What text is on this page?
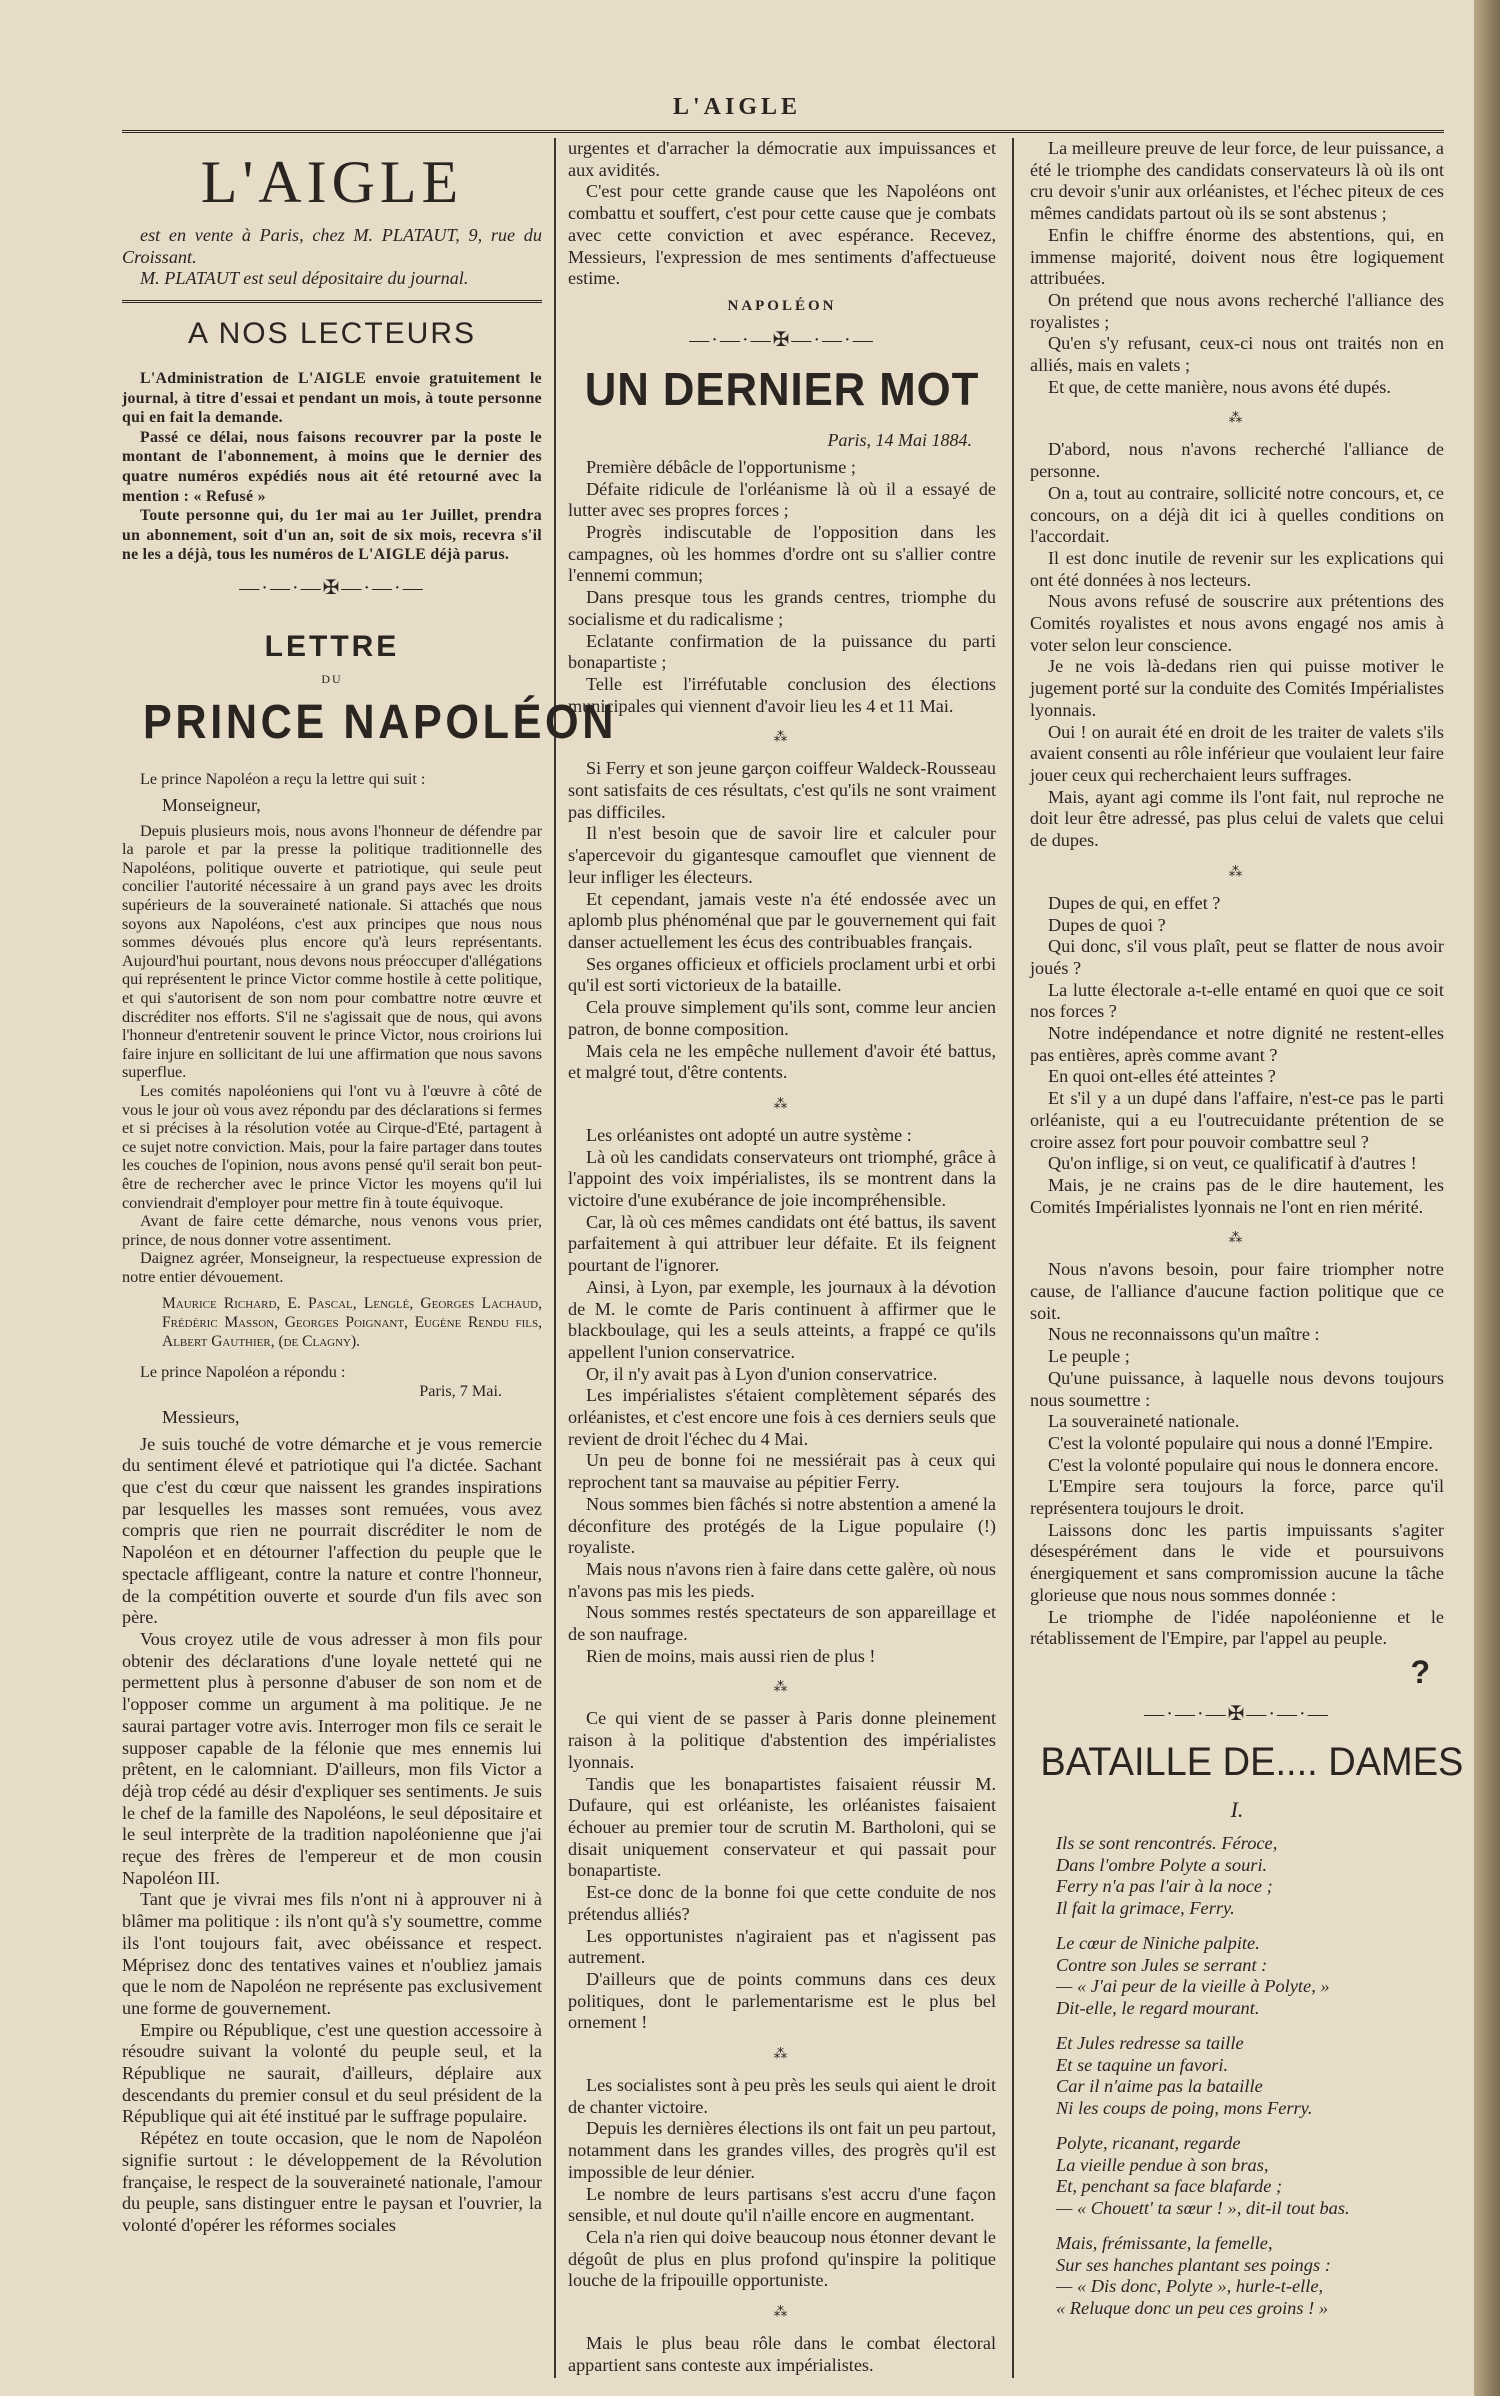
L'AIGLE
L'AIGLE

est en vente à Paris, chez M. PLATAUT, 9, rue du Croissant.

M. PLATAUT est seul dépositaire du journal.

A NOS LECTEURS

L'Administration de L'AIGLE envoie gratuitement le journal, à titre d'essai et pendant un mois, à toute personne qui en fait la demande.

Passé ce délai, nous faisons recouvrer par la poste le montant de l'abonnement, à moins que le dernier des quatre numéros expédiés nous ait été retourné avec la mention : « Refusé »

Toute personne qui, du 1er mai au 1er Juillet, prendra un abonnement, soit d'un an, soit de six mois, recevra s'il ne les a déjà, tous les numéros de L'AIGLE déjà parus.

—·—·—✠—·—·—
LETTRE
DU
PRINCE NAPOLÉON

Le prince Napoléon a reçu la lettre qui suit :

Monseigneur,

Depuis plusieurs mois, nous avons l'honneur de défendre par la parole et par la presse la politique traditionnelle des Napoléons, politique ouverte et patriotique, qui seule peut concilier l'autorité nécessaire à un grand pays avec les droits supérieurs de la souveraineté nationale. Si attachés que nous soyons aux Napoléons, c'est aux principes que nous nous sommes dévoués plus encore qu'à leurs représentants. Aujourd'hui pourtant, nous devons nous préoccuper d'allégations qui représentent le prince Victor comme hostile à cette politique, et qui s'autorisent de son nom pour combattre notre œuvre et discréditer nos efforts. S'il ne s'agissait que de nous, qui avons l'honneur d'entretenir souvent le prince Victor, nous croirions lui faire injure en sollicitant de lui une affirmation que nous savons superflue.

Les comités napoléoniens qui l'ont vu à l'œuvre à côté de vous le jour où vous avez répondu par des déclarations si fermes et si précises à la résolution votée au Cirque-d'Eté, partagent à ce sujet notre conviction. Mais, pour la faire partager dans toutes les couches de l'opinion, nous avons pensé qu'il serait bon peut-être de rechercher avec le prince Victor les moyens qu'il lui conviendrait d'employer pour mettre fin à toute équivoque.

Avant de faire cette démarche, nous venons vous prier, prince, de nous donner votre assentiment.

Daignez agréer, Monseigneur, la respectueuse expression de notre entier dévouement.

Maurice Richard, E. Pascal, Lenglé, Georges Lachaud, Frédéric Masson, Georges Poignant, Eugène Rendu fils, Albert Gauthier, (de Clagny).

Le prince Napoléon a répondu :

Paris, 7 Mai.

Messieurs,

Je suis touché de votre démarche et je vous remercie du sentiment élevé et patriotique qui l'a dictée. Sachant que c'est du cœur que naissent les grandes inspirations par lesquelles les masses sont remuées, vous avez compris que rien ne pourrait discréditer le nom de Napoléon et en détourner l'affection du peuple que le spectacle affligeant, contre la nature et contre l'honneur, de la compétition ouverte et sourde d'un fils avec son père.

Vous croyez utile de vous adresser à mon fils pour obtenir des déclarations d'une loyale netteté qui ne permettent plus à personne d'abuser de son nom et de l'opposer comme un argument à ma politique. Je ne saurai partager votre avis. Interroger mon fils ce serait le supposer capable de la félonie que mes ennemis lui prêtent, en le calomniant. D'ailleurs, mon fils Victor a déjà trop cédé au désir d'expliquer ses sentiments. Je suis le chef de la famille des Napoléons, le seul dépositaire et le seul interprète de la tradition napoléonienne que j'ai reçue des frères de l'empereur et de mon cousin Napoléon III.

Tant que je vivrai mes fils n'ont ni à approuver ni à blâmer ma politique : ils n'ont qu'à s'y soumettre, comme ils l'ont toujours fait, avec obéissance et respect. Méprisez donc des tentatives vaines et n'oubliez jamais que le nom de Napoléon ne représente pas exclusivement une forme de gouvernement.

Empire ou République, c'est une question accessoire à résoudre suivant la volonté du peuple seul, et la République ne saurait, d'ailleurs, déplaire aux descendants du premier consul et du seul président de la République qui ait été institué par le suffrage populaire.

Répétez en toute occasion, que le nom de Napoléon signifie surtout : le développement de la Révolution française, le respect de la souveraineté nationale, l'amour du peuple, sans distinguer entre le paysan et l'ouvrier, la volonté d'opérer les réformes sociales

urgentes et d'arracher la démocratie aux impuissances et aux avidités.

C'est pour cette grande cause que les Napoléons ont combattu et souffert, c'est pour cette cause que je combats avec cette conviction et avec espérance. Recevez, Messieurs, l'expression de mes sentiments d'affectueuse estime.

NAPOLÉON
—·—·—✠—·—·—
UN DERNIER MOT
Paris, 14 Mai 1884.

Première débâcle de l'opportunisme ;

Défaite ridicule de l'orléanisme là où il a essayé de lutter avec ses propres forces ;

Progrès indiscutable de l'opposition dans les campagnes, où les hommes d'ordre ont su s'allier contre l'ennemi commun;

Dans presque tous les grands centres, triomphe du socialisme et du radicalisme ;

Eclatante confirmation de la puissance du parti bonapartiste ;

Telle est l'irréfutable conclusion des élections municipales qui viennent d'avoir lieu les 4 et 11 Mai.

⁂

Si Ferry et son jeune garçon coiffeur Waldeck-Rousseau sont satisfaits de ces résultats, c'est qu'ils ne sont vraiment pas difficiles.

Il n'est besoin que de savoir lire et calculer pour s'apercevoir du gigantesque camouflet que viennent de leur infliger les électeurs.

Et cependant, jamais veste n'a été endossée avec un aplomb plus phénoménal que par le gouvernement qui fait danser actuellement les écus des contribuables français.

Ses organes officieux et officiels proclament urbi et orbi qu'il est sorti victorieux de la bataille.

Cela prouve simplement qu'ils sont, comme leur ancien patron, de bonne composition.

Mais cela ne les empêche nullement d'avoir été battus, et malgré tout, d'être contents.

⁂

Les orléanistes ont adopté un autre système :

Là où les candidats conservateurs ont triomphé, grâce à l'appoint des voix impérialistes, ils se montrent dans la victoire d'une exubérance de joie incompréhensible.

Car, là où ces mêmes candidats ont été battus, ils savent parfaitement à qui attribuer leur défaite. Et ils feignent pourtant de l'ignorer.

Ainsi, à Lyon, par exemple, les journaux à la dévotion de M. le comte de Paris continuent à affirmer que le blackboulage, qui les a seuls atteints, a frappé ce qu'ils appellent l'union conservatrice.

Or, il n'y avait pas à Lyon d'union conservatrice.

Les impérialistes s'étaient complètement séparés des orléanistes, et c'est encore une fois à ces derniers seuls que revient de droit l'échec du 4 Mai.

Un peu de bonne foi ne messiérait pas à ceux qui reprochent tant sa mauvaise au pépitier Ferry.

Nous sommes bien fâchés si notre abstention a amené la déconfiture des protégés de la Ligue populaire (!) royaliste.

Mais nous n'avons rien à faire dans cette galère, où nous n'avons pas mis les pieds.

Nous sommes restés spectateurs de son appareillage et de son naufrage.

Rien de moins, mais aussi rien de plus !

⁂

Ce qui vient de se passer à Paris donne pleinement raison à la politique d'abstention des impérialistes lyonnais.

Tandis que les bonapartistes faisaient réussir M. Dufaure, qui est orléaniste, les orléanistes faisaient échouer au premier tour de scrutin M. Bartholoni, qui se disait uniquement conservateur et qui passait pour bonapartiste.

Est-ce donc de la bonne foi que cette conduite de nos prétendus alliés?

Les opportunistes n'agiraient pas et n'agissent pas autrement.

D'ailleurs que de points communs dans ces deux politiques, dont le parlementarisme est le plus bel ornement !

⁂

Les socialistes sont à peu près les seuls qui aient le droit de chanter victoire.

Depuis les dernières élections ils ont fait un peu partout, notamment dans les grandes villes, des progrès qu'il est impossible de leur dénier.

Le nombre de leurs partisans s'est accru d'une façon sensible, et nul doute qu'il n'aille encore en augmentant.

Cela n'a rien qui doive beaucoup nous étonner devant le dégoût de plus en plus profond qu'inspire la politique louche de la fripouille opportuniste.

⁂

Mais le plus beau rôle dans le combat électoral appartient sans conteste aux impérialistes.

La meilleure preuve de leur force, de leur puissance, a été le triomphe des candidats conservateurs là où ils ont cru devoir s'unir aux orléanistes, et l'échec piteux de ces mêmes candidats partout où ils se sont abstenus ;

Enfin le chiffre énorme des abstentions, qui, en immense majorité, doivent nous être logiquement attribuées.

On prétend que nous avons recherché l'alliance des royalistes ;

Qu'en s'y refusant, ceux-ci nous ont traités non en alliés, mais en valets ;

Et que, de cette manière, nous avons été dupés.

⁂

D'abord, nous n'avons recherché l'alliance de personne.

On a, tout au contraire, sollicité notre concours, et, ce concours, on a déjà dit ici à quelles conditions on l'accordait.

Il est donc inutile de revenir sur les explications qui ont été données à nos lecteurs.

Nous avons refusé de souscrire aux prétentions des Comités royalistes et nous avons engagé nos amis à voter selon leur conscience.

Je ne vois là-dedans rien qui puisse motiver le jugement porté sur la conduite des Comités Impérialistes lyonnais.

Oui ! on aurait été en droit de les traiter de valets s'ils avaient consenti au rôle inférieur que voulaient leur faire jouer ceux qui recherchaient leurs suffrages.

Mais, ayant agi comme ils l'ont fait, nul reproche ne doit leur être adressé, pas plus celui de valets que celui de dupes.

⁂

Dupes de qui, en effet ?

Dupes de quoi ?

Qui donc, s'il vous plaît, peut se flatter de nous avoir joués ?

La lutte électorale a-t-elle entamé en quoi que ce soit nos forces ?

Notre indépendance et notre dignité ne restent-elles pas entières, après comme avant ?

En quoi ont-elles été atteintes ?

Et s'il y a un dupé dans l'affaire, n'est-ce pas le parti orléaniste, qui a eu l'outrecuidante prétention de se croire assez fort pour pouvoir combattre seul ?

Qu'on inflige, si on veut, ce qualificatif à d'autres !

Mais, je ne crains pas de le dire hautement, les Comités Impérialistes lyonnais ne l'ont en rien mérité.

⁂

Nous n'avons besoin, pour faire triompher notre cause, de l'alliance d'aucune faction politique que ce soit.

Nous ne reconnaissons qu'un maître :

Le peuple ;

Qu'une puissance, à laquelle nous devons toujours nous soumettre :

La souveraineté nationale.

C'est la volonté populaire qui nous a donné l'Empire.

C'est la volonté populaire qui nous le donnera encore.

L'Empire sera toujours la force, parce qu'il représentera toujours le droit.

Laissons donc les partis impuissants s'agiter désespérément dans le vide et poursuivons énergiquement et sans compromission aucune la tâche glorieuse que nous nous sommes donnée :

Le triomphe de l'idée napoléonienne et le rétablissement de l'Empire, par l'appel au peuple.

?
—·—·—✠—·—·—
BATAILLE DE.... DAMES
I.
Ils se sont rencontrés. Féroce,
Dans l'ombre Polyte a souri.
Ferry n'a pas l'air à la noce ;
Il fait la grimace, Ferry.
Le cœur de Niniche palpite.
Contre son Jules se serrant :
— « J'ai peur de la vieille à Polyte, »
Dit-elle, le regard mourant.
Et Jules redresse sa taille
Et se taquine un favori.
Car il n'aime pas la bataille
Ni les coups de poing, mons Ferry.
Polyte, ricanant, regarde
La vieille pendue à son bras,
Et, penchant sa face blafarde ;
— « Chouett' ta sœur ! », dit-il tout bas.
Mais, frémissante, la femelle,
Sur ses hanches plantant ses poings :
— « Dis donc, Polyte », hurle-t-elle,
« Reluque donc un peu ces groins ! »
